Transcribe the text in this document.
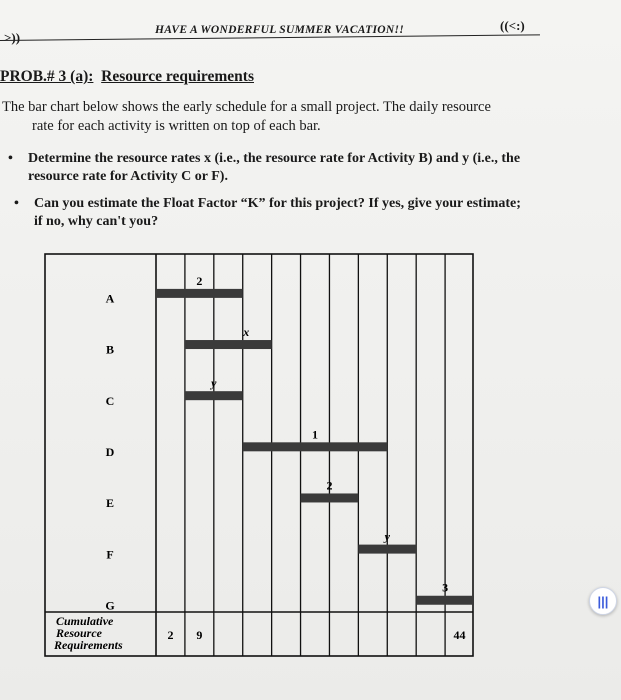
>))	HAVE A WONDERFUL SUMMER VACATION!!	((<:)
PROB.# 3 (a): Resource requirements
The bar chart below shows the early schedule for a small project. The daily resource

rate for each activity is written on top of each bar.
• Determine the resource rates x (i.e., the resource rate for Activity B) and y (i.e., the
resource rate for Activity C or F).
• Can you estimate the Float Factor “K” for this project? If yes, give your estimate;
if no, why can't you?
A
2
B
x
C
y
D
1
E
2
F
y
G
3
Cumulative
Resource
Requirements
2 9	44
|||
